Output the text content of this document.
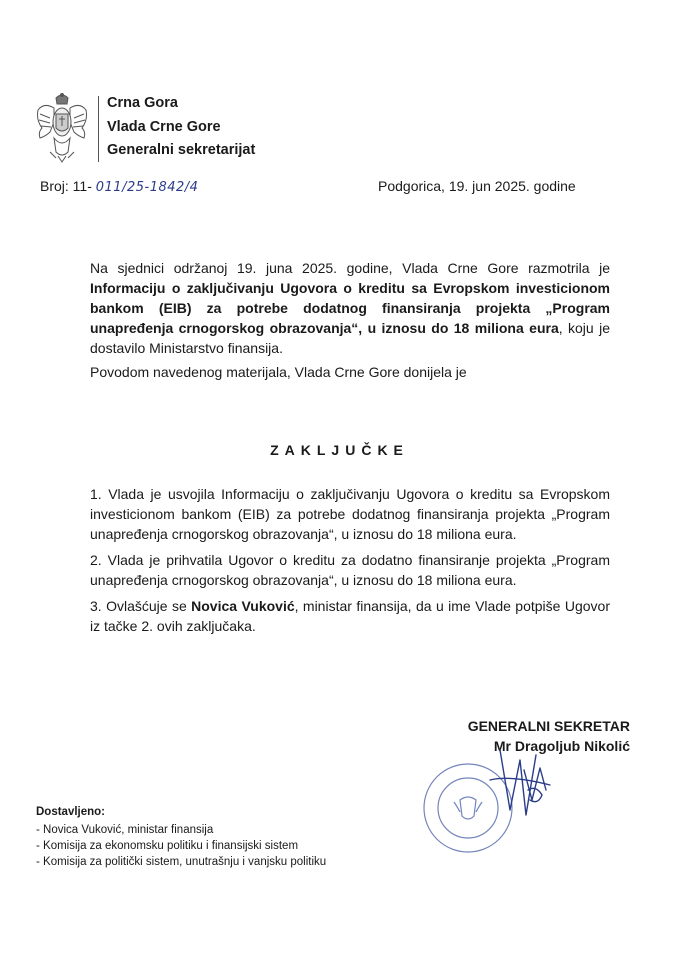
Crna Gora
Vlada Crne Gore
Generalni sekretarijat
Broj: 11- 011/25-1842/4	Podgorica, 19. jun 2025. godine
Na sjednici održanoj 19. juna 2025. godine, Vlada Crne Gore razmotrila je Informaciju o zaključivanju Ugovora o kreditu sa Evropskom investicionom bankom (EIB) za potrebe dodatnog finansiranja projekta „Program unapređenja crnogorskog obrazovanja“, u iznosu do 18 miliona eura, koju je dostavilo Ministarstvo finansija.
Povodom navedenog materijala, Vlada Crne Gore donijela je
ZAKLJUČKE
1. Vlada je usvojila Informaciju o zaključivanju Ugovora o kreditu sa Evropskom investicionom bankom (EIB) za potrebe dodatnog finansiranja projekta „Program unapređenja crnogorskog obrazovanja“, u iznosu do 18 miliona eura.
2. Vlada je prihvatila Ugovor o kreditu za dodatno finansiranje projekta „Program unapređenja crnogorskog obrazovanja“, u iznosu do 18 miliona eura.
3. Ovlašćuje se Novica Vuković, ministar finansija, da u ime Vlade potpiše Ugovor iz tačke 2. ovih zaključaka.
GENERALNI SEKRETAR
Mr Dragoljub Nikolić
Dostavljeno:
- Novica Vuković, ministar finansija
- Komisija za ekonomsku politiku i finansijski sistem
- Komisija za politički sistem, unutrašnju i vanjsku politiku
